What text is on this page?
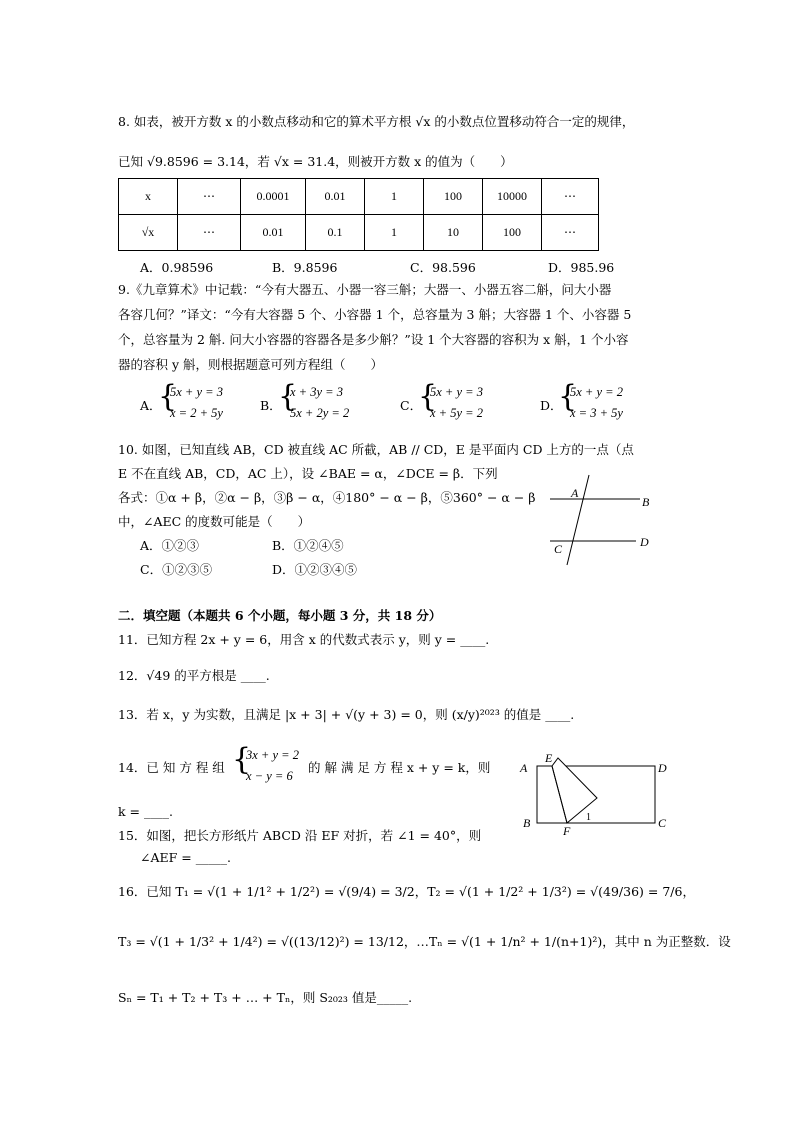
8. 如表，被开方数 x 的小数点移动和它的算术平方根 √x 的小数点位置移动符合一定的规律，
已知 √9.8596 = 3.14，若 √x = 31.4，则被开方数 x 的值为（　　）
x	⋯	0.0001	0.01	1	100	10000	⋯
√x	⋯	0.01	0.1	1	10	100	⋯
A．0.98596	B．9.8596	C．98.596	D．985.96
9.《九章算术》中记载：“今有大器五、小器一容三斛；大器一、小器五容二斛，问大小器
各容几何？”译文：“今有大容器 5 个、小容器 1 个，总容量为 3 斛；大容器 1 个、小容器 5
个，总容量为 2 斛. 问大小容器的容器各是多少斛？”设 1 个大容器的容积为 x 斛，1 个小容
器的容积 y 斛，则根据题意可列方程组（　　）
A．
{
5x + y = 3
x = 2 + 5y	B．
{
x + 3y = 3
5x + 2y = 2	C．
{
5x + y = 3
x + 5y = 2	D．
{
5x + y = 2
x = 3 + 5y
10. 如图，已知直线 AB，CD 被直线 AC 所截，AB // CD，E 是平面内 CD 上方的一点（点
E 不在直线 AB，CD，AC 上），设 ∠BAE = α，∠DCE = β．下列
各式：①α + β，②α − β，③β − α，④180° − α − β，⑤360° − α − β
中，∠AEC 的度数可能是（　　）
A．①②③	B．①②④⑤
C．①②③⑤	D．①②③④⑤
A
B
C	D
二．填空题（本题共 6 个小题，每小题 3 分，共 18 分）
11．已知方程 2x + y = 6，用含 x 的代数式表示 y，则 y = ____.
12．√49 的平方根是 ____.
13．若 x，y 为实数，且满足 |x + 3| + √(y + 3) = 0，则 (x/y)²⁰²³ 的值是 ____.
14．已 知 方 程 组 {
3x + y = 2
x − y = 6
的 解 满 足 方 程 x + y = k，则
k = ____.
15．如图，把长方形纸片 ABCD 沿 EF 对折，若 ∠1 = 40°，则
∠AEF = _____.
A
E
D
B
F
C
1
16．已知 T₁ = √(1 + 1/1² + 1/2²) = √(9/4) = 3/2，T₂ = √(1 + 1/2² + 1/3²) = √(49/36) = 7/6，
T₃ = √(1 + 1/3² + 1/4²) = √((13/12)²) = 13/12，…Tₙ = √(1 + 1/n² + 1/(n+1)²)，其中 n 为正整数．设
Sₙ = T₁ + T₂ + T₃ + … + Tₙ，则 S₂₀₂₃ 值是_____.
